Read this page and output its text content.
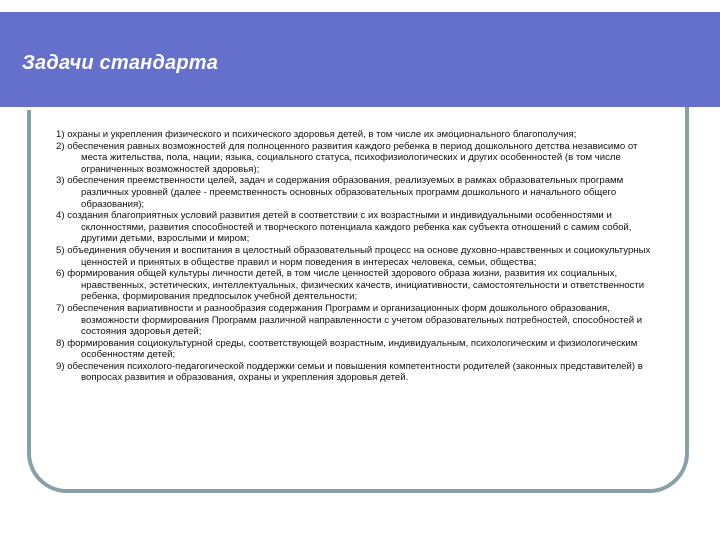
Задачи стандарта

1) охраны и укрепления физического и психического здоровья детей, в том числе их эмоционального благополучия;

2) обеспечения равных возможностей для полноценного развития каждого ребенка в период дошкольного детства независимо от места жительства, пола, нации, языка, социального статуса, психофизиологических и других особенностей (в том числе ограниченных возможностей здоровья);

3) обеспечения преемственности целей, задач и содержания образования, реализуемых в рамках образовательных программ различных уровней (далее - преемственность основных образовательных программ дошкольного и начального общего образования);

4) создания благоприятных условий развития детей в соответствии с их возрастными и индивидуальными особенностями и склонностями, развития способностей и творческого потенциала каждого ребенка как субъекта отношений с самим собой, другими детьми, взрослыми и миром;

5) объединения обучения и воспитания в целостный образовательный процесс на основе духовно-нравственных и социокультурных ценностей и принятых в обществе правил и норм поведения в интересах человека, семьи, общества;

6) формирования общей культуры личности детей, в том числе ценностей здорового образа жизни, развития их социальных, нравственных, эстетических, интеллектуальных, физических качеств, инициативности, самостоятельности и ответственности ребенка, формирования предпосылок учебной деятельности;

7) обеспечения вариативности и разнообразия содержания Программ и организационных форм дошкольного образования, возможности формирования Программ различной направленности с учетом образовательных потребностей, способностей и состояния здоровья детей;

8) формирования социокультурной среды, соответствующей возрастным, индивидуальным, психологическим и физиологическим особенностям детей;

9) обеспечения психолого-педагогической поддержки семьи и повышения компетентности родителей (законных представителей) в вопросах развития и образования, охраны и укрепления здоровья детей.
